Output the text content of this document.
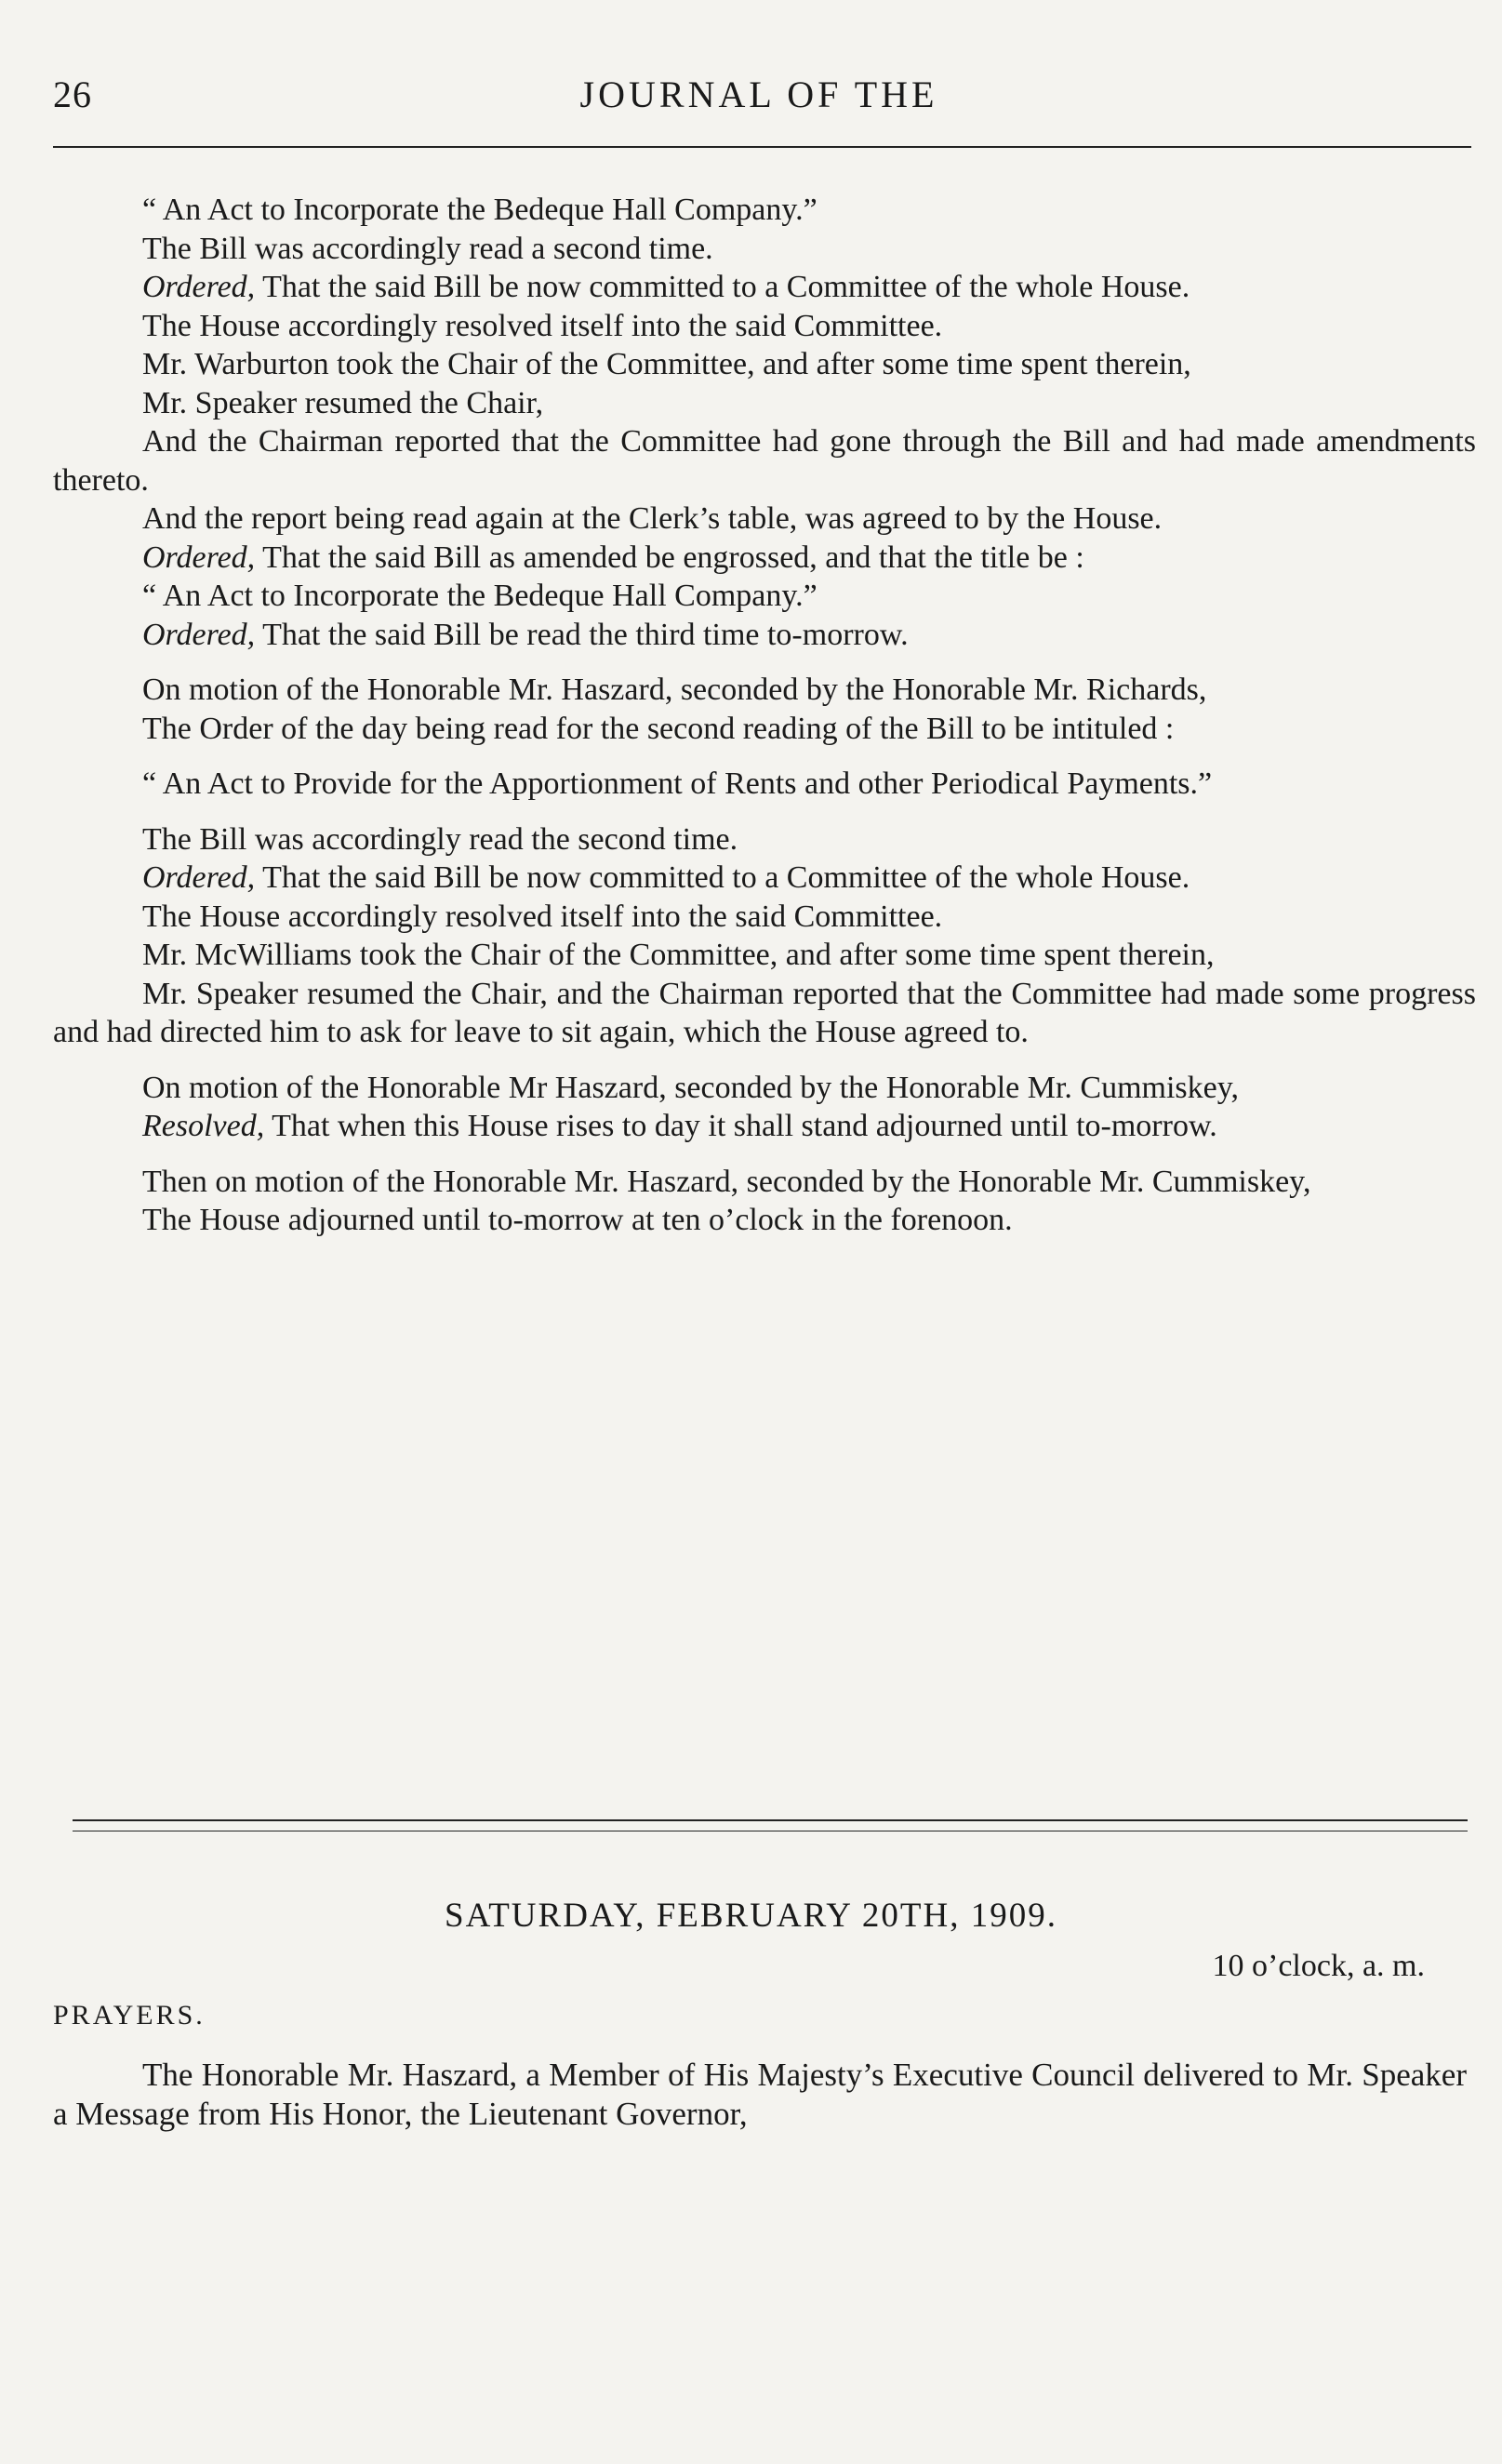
26	JOURNAL OF THE

“ An Act to Incorporate the Bedeque Hall Company.”

The Bill was accordingly read a second time.

Ordered, That the said Bill be now committed to a Committee of the whole House.

The House accordingly resolved itself into the said Committee.

Mr. Warburton took the Chair of the Committee, and after some time spent therein,

Mr. Speaker resumed the Chair,

And the Chairman reported that the Committee had gone through the Bill and had made amendments thereto.

And the report being read again at the Clerk’s table, was agreed to by the House.

Ordered, That the said Bill as amended be engrossed, and that the title be :

“ An Act to Incorporate the Bedeque Hall Company.”

Ordered, That the said Bill be read the third time to-morrow.

On motion of the Honorable Mr. Haszard, seconded by the Honorable Mr. Richards,

The Order of the day being read for the second reading of the Bill to be intituled :

“ An Act to Provide for the Apportionment of Rents and other Periodical Payments.”

The Bill was accordingly read the second time.

Ordered, That the said Bill be now committed to a Committee of the whole House.

The House accordingly resolved itself into the said Committee.

Mr. McWilliams took the Chair of the Committee, and after some time spent therein,

Mr. Speaker resumed the Chair, and the Chairman reported that the Committee had made some progress and had directed him to ask for leave to sit again, which the House agreed to.

On motion of the Honorable Mr Haszard, seconded by the Honorable Mr. Cummiskey,

Resolved, That when this House rises to day it shall stand adjourned until to-morrow.

Then on motion of the Honorable Mr. Haszard, seconded by the Honorable Mr. Cummiskey,

The House adjourned until to-morrow at ten o’clock in the forenoon.

SATURDAY, FEBRUARY 20TH, 1909.
10 o’clock, a. m.
PRAYERS.

The Honorable Mr. Haszard, a Member of His Majesty’s Executive Council delivered to Mr. Speaker a Message from His Honor, the Lieutenant Governor,
